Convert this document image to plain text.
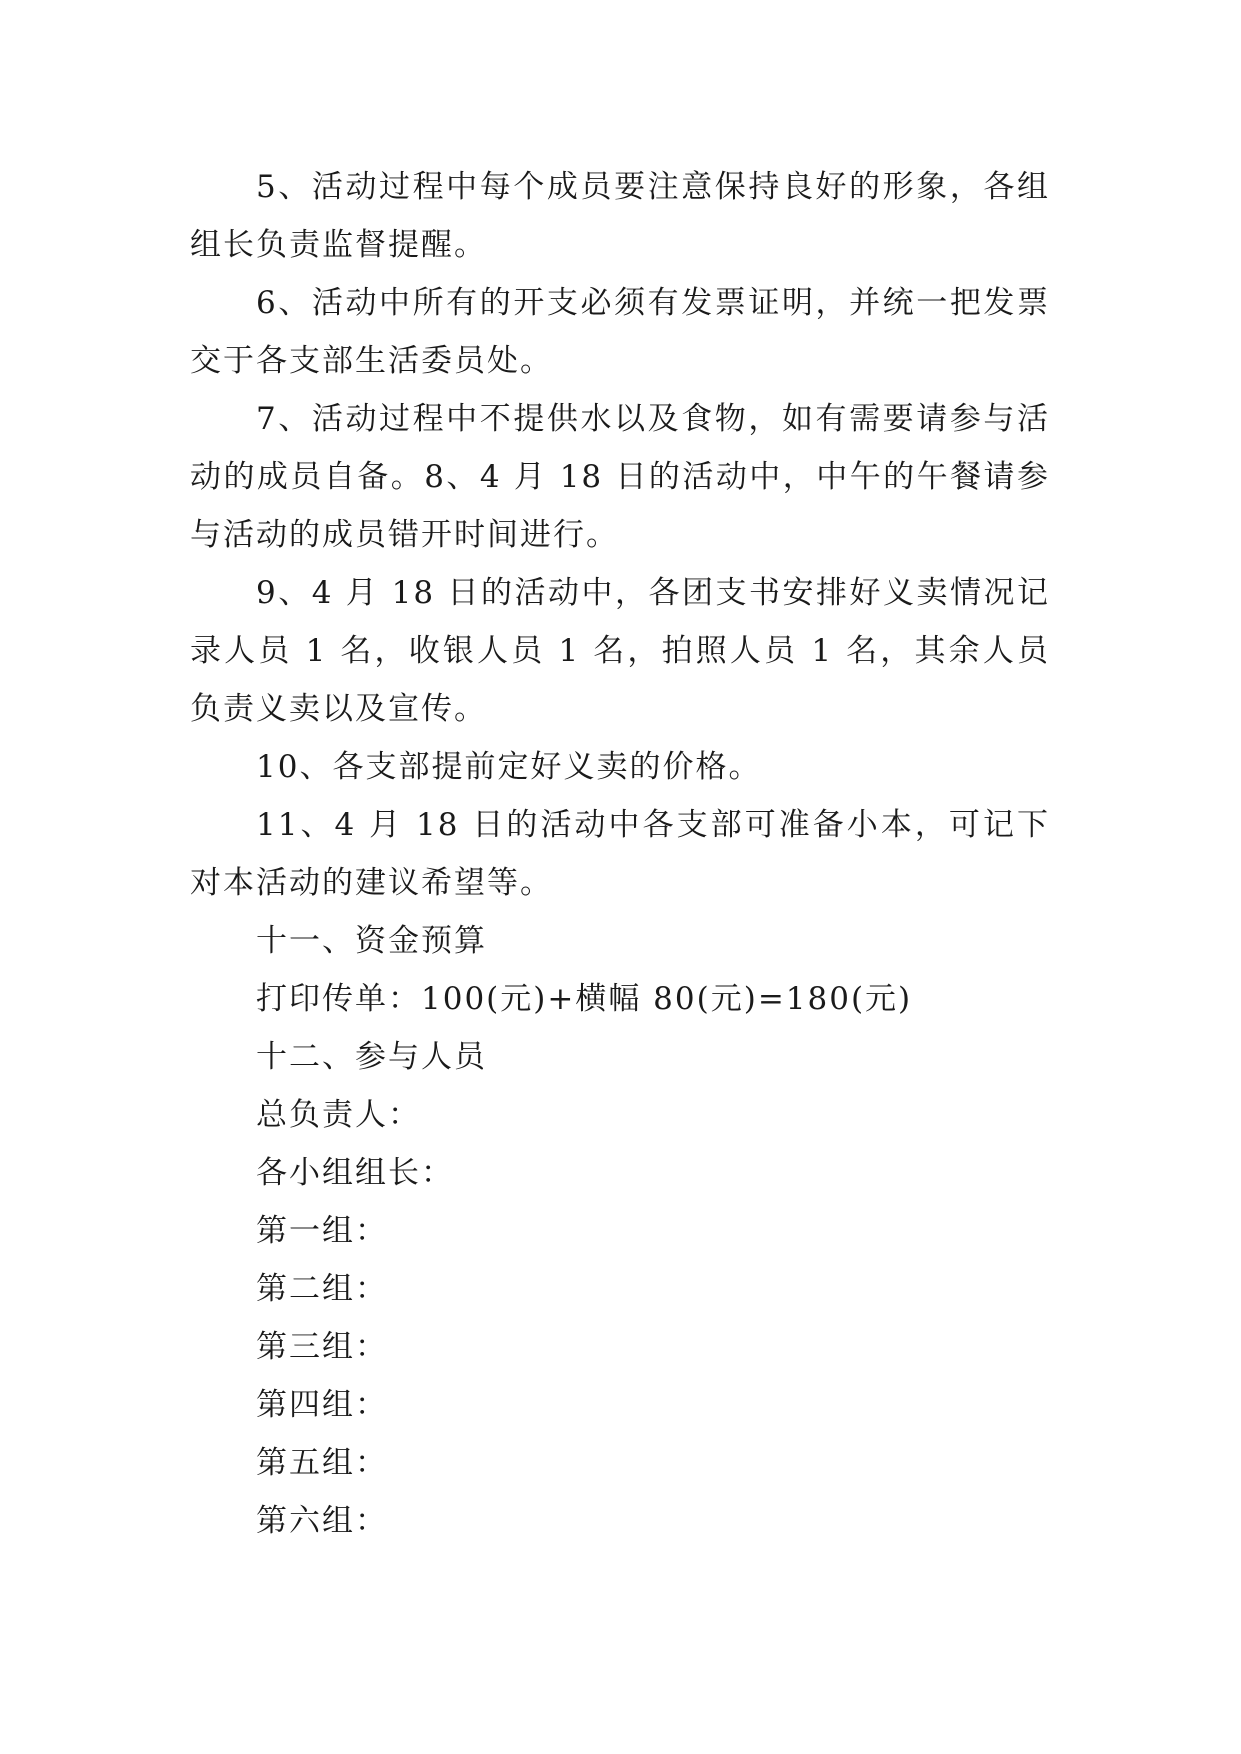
5、活动过程中每个成员要注意保持良好的形象，各组组长负责监督提醒。

6、活动中所有的开支必须有发票证明，并统一把发票交于各支部生活委员处。

7、活动过程中不提供水以及食物，如有需要请参与活动的成员自备。8、4 月 18 日的活动中，中午的午餐请参与活动的成员错开时间进行。

9、4 月 18 日的活动中，各团支书安排好义卖情况记录人员 1 名，收银人员 1 名，拍照人员 1 名，其余人员负责义卖以及宣传。

10、各支部提前定好义卖的价格。

11、4 月 18 日的活动中各支部可准备小本，可记下对本活动的建议希望等。

十一、资金预算

打印传单：100(元)+横幅 80(元)=180(元)

十二、参与人员

总负责人：

各小组组长：

第一组：

第二组：

第三组：

第四组：

第五组：

第六组：
